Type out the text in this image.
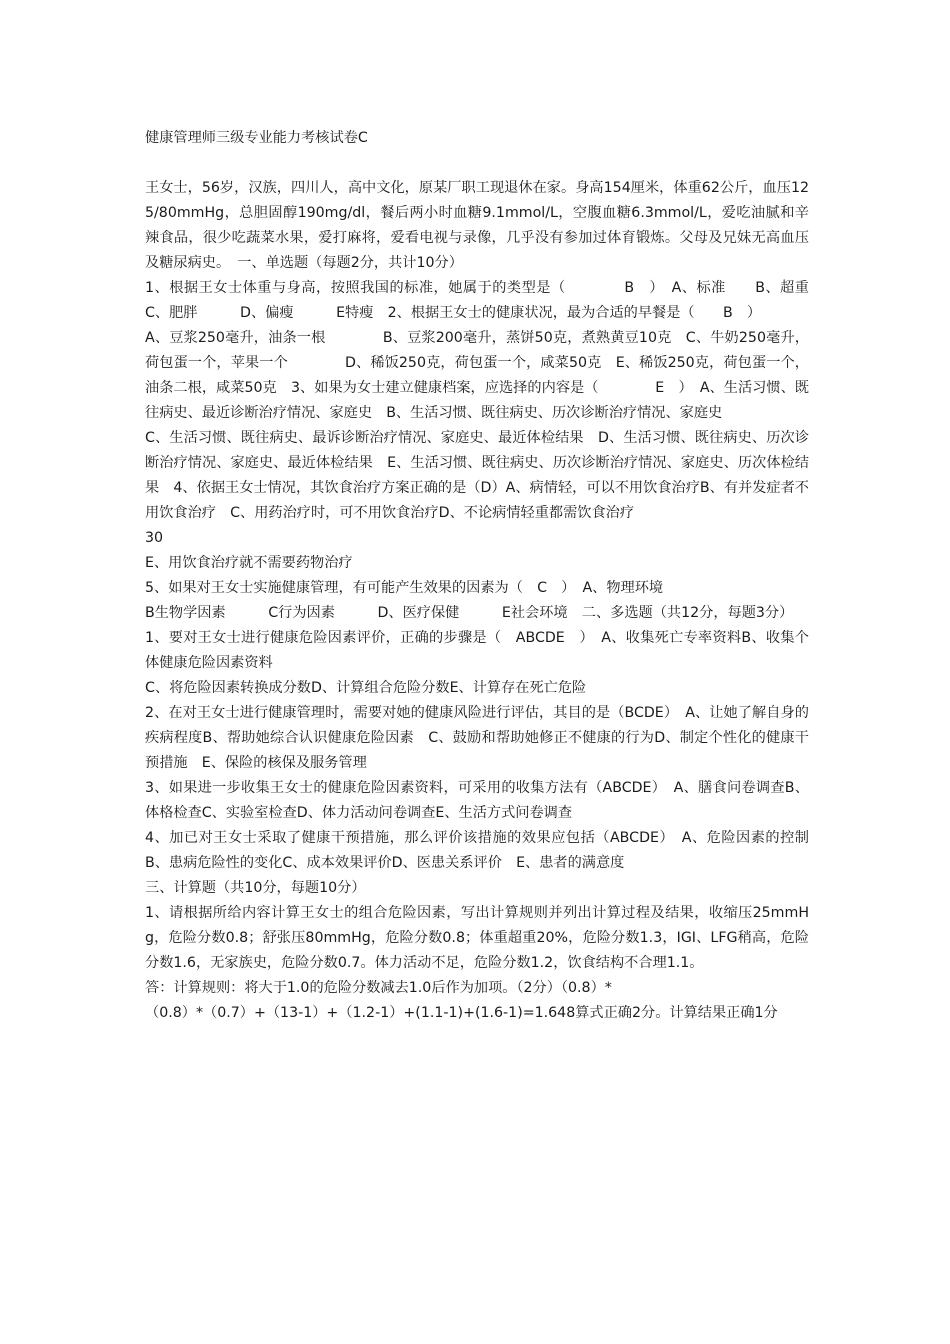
健康管理师三级专业能力考核试卷C

王女士，56岁，汉族，四川人，高中文化，原某厂职工现退休在家。身高154厘米，体重62公斤，血压125/80mmHg，总胆固醇190mg/dl，餐后两小时血糖9.1mmol/L，空腹血糖6.3mmol/L，爱吃油腻和辛辣食品，很少吃蔬菜水果，爱打麻将，爱看电视与录像，几乎没有参加过体育锻炼。父母及兄妹无高血压及糖尿病史。　一、单选题（每题2分，共计10分）

1、根据王女士体重与身高，按照我国的标准，她属于的类型是（　　　　B　）　A、标准　　B、超重　　　C、肥胖　　　D、偏瘦　　　E特瘦　2、根据王女士的健康状况，最为合适的早餐是（　　B　）

A、豆浆250毫升，油条一根　　　　B、豆浆200毫升，蒸饼50克，煮熟黄豆10克　C、牛奶250毫升，荷包蛋一个，苹果一个　　　　D、稀饭250克，荷包蛋一个，咸菜50克　E、稀饭250克，荷包蛋一个，油条二根，咸菜50克　3、如果为女士建立健康档案，应选择的内容是（　　　　E　）　A、生活习惯、既往病史、最近诊断治疗情况、家庭史　B、生活习惯、既往病史、历次诊断治疗情况、家庭史

C、生活习惯、既往病史、最诉诊断治疗情况、家庭史、最近体检结果　D、生活习惯、既往病史、历次诊断治疗情况、家庭史、最近体检结果　E、生活习惯、既往病史、历次诊断治疗情况、家庭史、历次体检结果　4、依据王女士情况，其饮食治疗方案正确的是（D）A、病情轻，可以不用饮食治疗B、有并发症者不用饮食治疗　C、用药治疗时，可不用饮食治疗D、不论病情轻重都需饮食治疗

30

E、用饮食治疗就不需要药物治疗

5、如果对王女士实施健康管理，有可能产生效果的因素为（　C　）　A、物理环境

B生物学因素　　　C行为因素　　　D、医疗保健　　　E社会环境　二、多选题（共12分，每题3分）

1、要对王女士进行健康危险因素评价，正确的步骤是（　ABCDE　）　A、收集死亡专率资料B、收集个体健康危险因素资料

C、将危险因素转换成分数D、计算组合危险分数E、计算存在死亡危险

2、在对王女士进行健康管理时，需要对她的健康风险进行评估，其目的是（BCDE）　A、让她了解自身的疾病程度B、帮助她综合认识健康危险因素　C、鼓励和帮助她修正不健康的行为D、制定个性化的健康干预措施　E、保险的核保及服务管理

3、如果进一步收集王女士的健康危险因素资料，可采用的收集方法有（ABCDE）　A、膳食问卷调查B、体格检查C、实验室检查D、体力活动问卷调查E、生活方式问卷调查

4、加已对王女士采取了健康干预措施，那么评价该措施的效果应包括（ABCDE）　A、危险因素的控制B、患病危险性的变化C、成本效果评价D、医患关系评价　E、患者的满意度

三、计算题（共10分，每题10分）

1、请根据所给内容计算王女士的组合危险因素，写出计算规则并列出计算过程及结果，收缩压25mmHg，危险分数0.8；舒张压80mmHg，危险分数0.8；体重超重20%，危险分数1.3，IGI、LFG稍高，危险分数1.6，无家族史，危险分数0.7。体力活动不足，危险分数1.2，饮食结构不合理1.1。

答：计算规则：将大于1.0的危险分数减去1.0后作为加项。（2分）（0.8）*

（0.8）*（0.7）+（13-1）+（1.2-1）+(1.1-1)+(1.6-1)=1.648算式正确2分。计算结果正确1分
